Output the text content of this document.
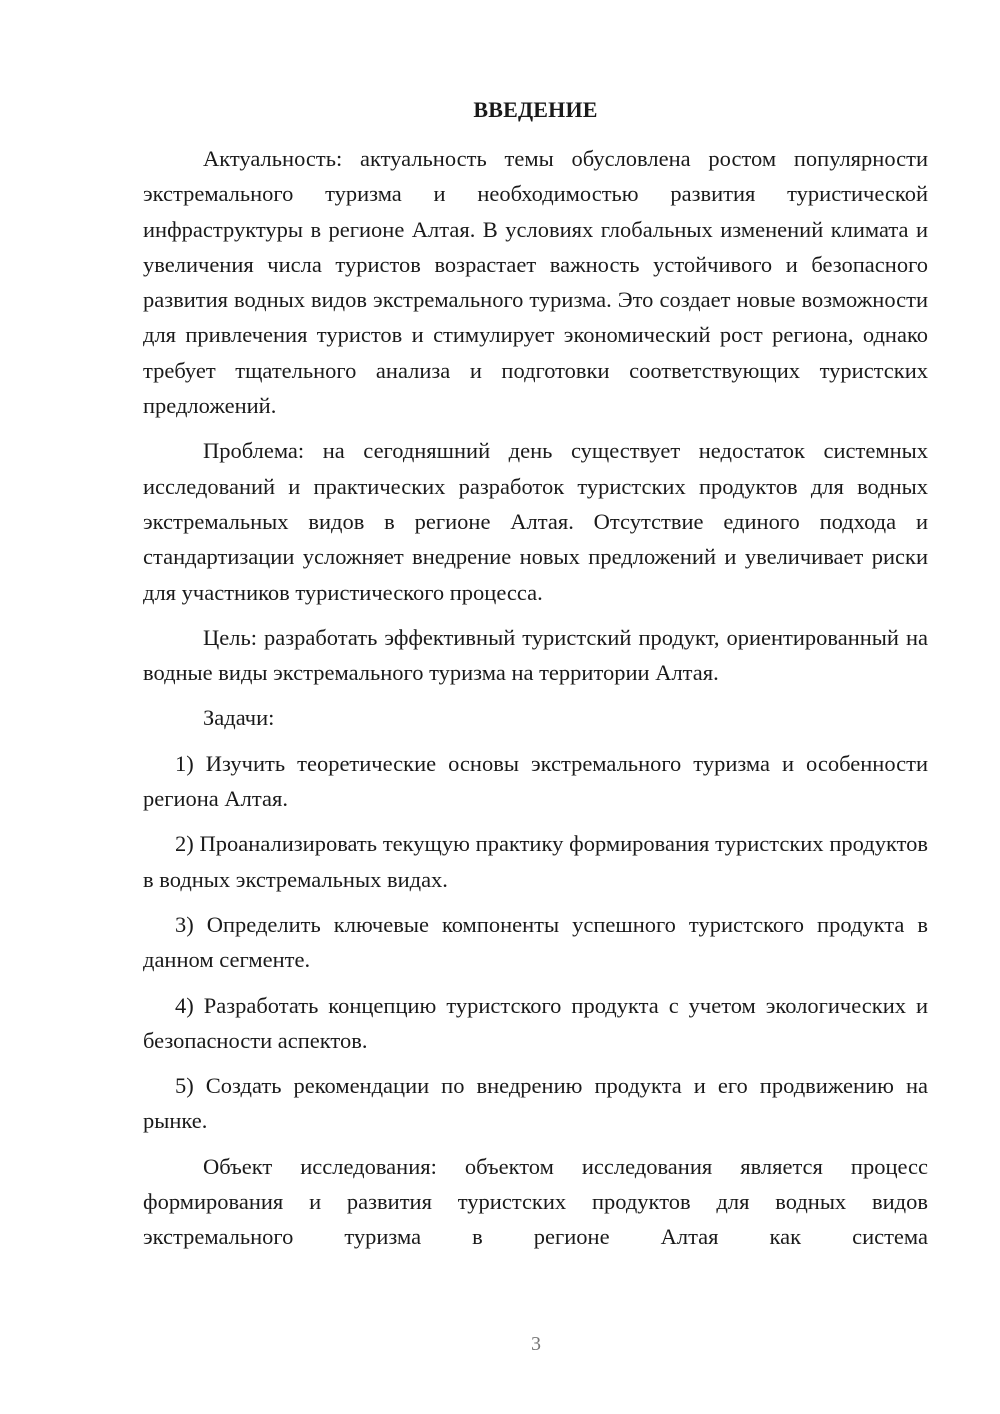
ВВЕДЕНИЕ

Актуальность: актуальность темы обусловлена ростом популярности экстремального туризма и необходимостью развития туристической инфраструктуры в регионе Алтая. В условиях глобальных изменений климата и увеличения числа туристов возрастает важность устойчивого и безопасного развития водных видов экстремального туризма. Это создает новые возможности для привлечения туристов и стимулирует экономический рост региона, однако требует тщательного анализа и подготовки соответствующих туристских предложений.

Проблема: на сегодняшний день существует недостаток системных исследований и практических разработок туристских продуктов для водных экстремальных видов в регионе Алтая. Отсутствие единого подхода и стандартизации усложняет внедрение новых предложений и увеличивает риски для участников туристического процесса.

Цель: разработать эффективный туристский продукт, ориентированный на водные виды экстремального туризма на территории Алтая.

Задачи:

1) Изучить теоретические основы экстремального туризма и особенности региона Алтая.

2) Проанализировать текущую практику формирования туристских продуктов в водных экстремальных видах.

3) Определить ключевые компоненты успешного туристского продукта в данном сегменте.

4) Разработать концепцию туристского продукта с учетом экологических и безопасности аспектов.

5) Создать рекомендации по внедрению продукта и его продвижению на рынке.

Объект исследования: объектом исследования является процесс формирования и развития туристских продуктов для водных видов экстремального туризма в регионе Алтая как система

3
